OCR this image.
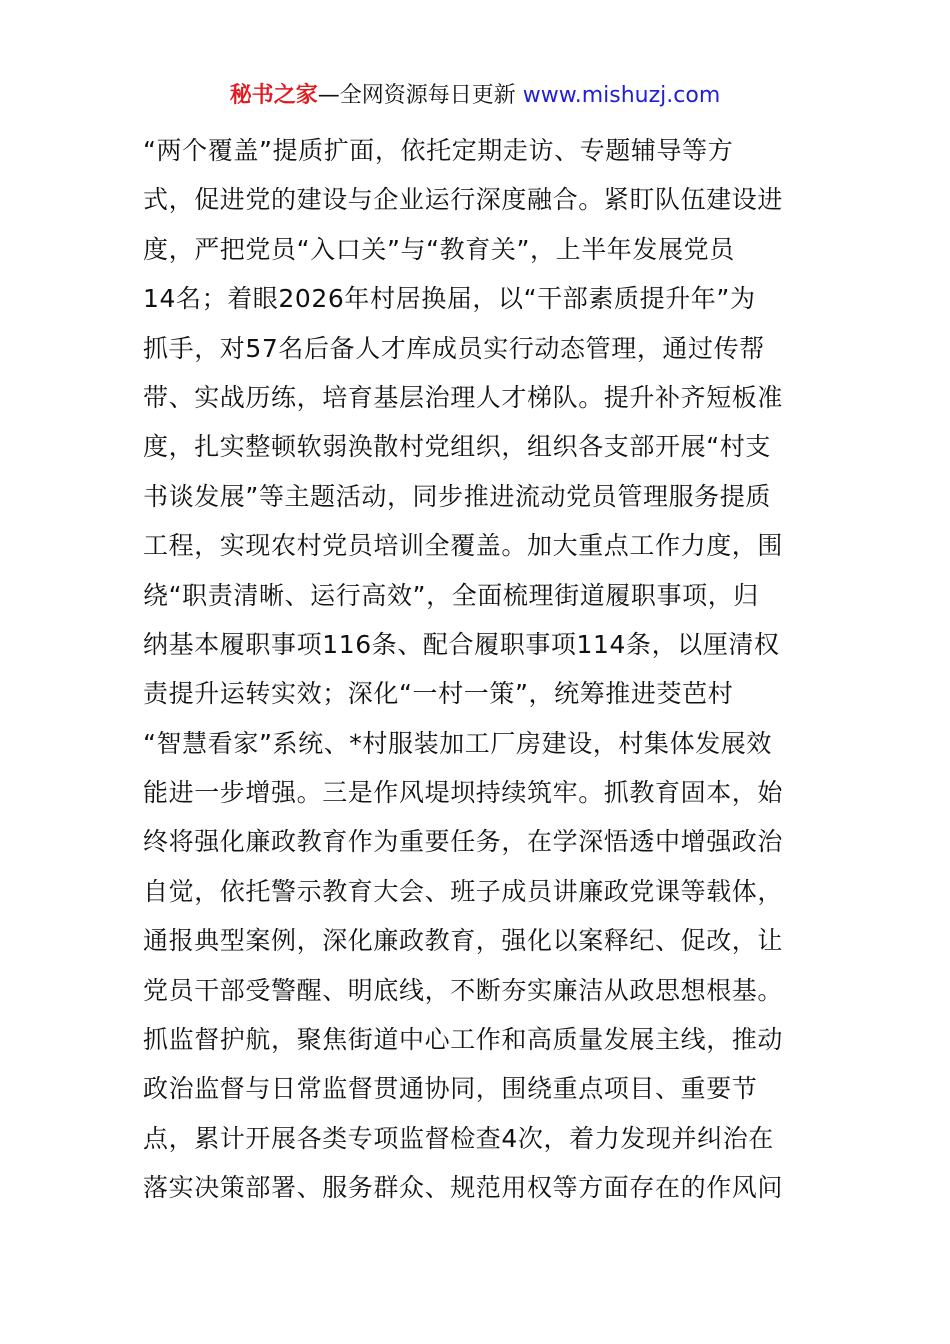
秘书之家—全网资源每日更新 www.mishuzj.com
“两个覆盖”提质扩面，依托定期走访、专题辅导等方
式，促进党的建设与企业运行深度融合。紧盯队伍建设进
度，严把党员“入口关”与“教育关”，上半年发展党员
14名；着眼2026年村居换届，以“干部素质提升年”为
抓手，对57名后备人才库成员实行动态管理，通过传帮
带、实战历练，培育基层治理人才梯队。提升补齐短板准
度，扎实整顿软弱涣散村党组织，组织各支部开展“村支
书谈发展”等主题活动，同步推进流动党员管理服务提质
工程，实现农村党员培训全覆盖。加大重点工作力度，围
绕“职责清晰、运行高效”，全面梳理街道履职事项，归
纳基本履职事项116条、配合履职事项114条，以厘清权
责提升运转实效；深化“一村一策”，统筹推进茭芭村
“智慧看家”系统、*村服装加工厂房建设，村集体发展效
能进一步增强。三是作风堤坝持续筑牢。抓教育固本，始
终将强化廉政教育作为重要任务，在学深悟透中增强政治
自觉，依托警示教育大会、班子成员讲廉政党课等载体，
通报典型案例，深化廉政教育，强化以案释纪、促改，让
党员干部受警醒、明底线，不断夯实廉洁从政思想根基。
抓监督护航，聚焦街道中心工作和高质量发展主线，推动
政治监督与日常监督贯通协同，围绕重点项目、重要节
点，累计开展各类专项监督检查4次，着力发现并纠治在
落实决策部署、服务群众、规范用权等方面存在的作风问
